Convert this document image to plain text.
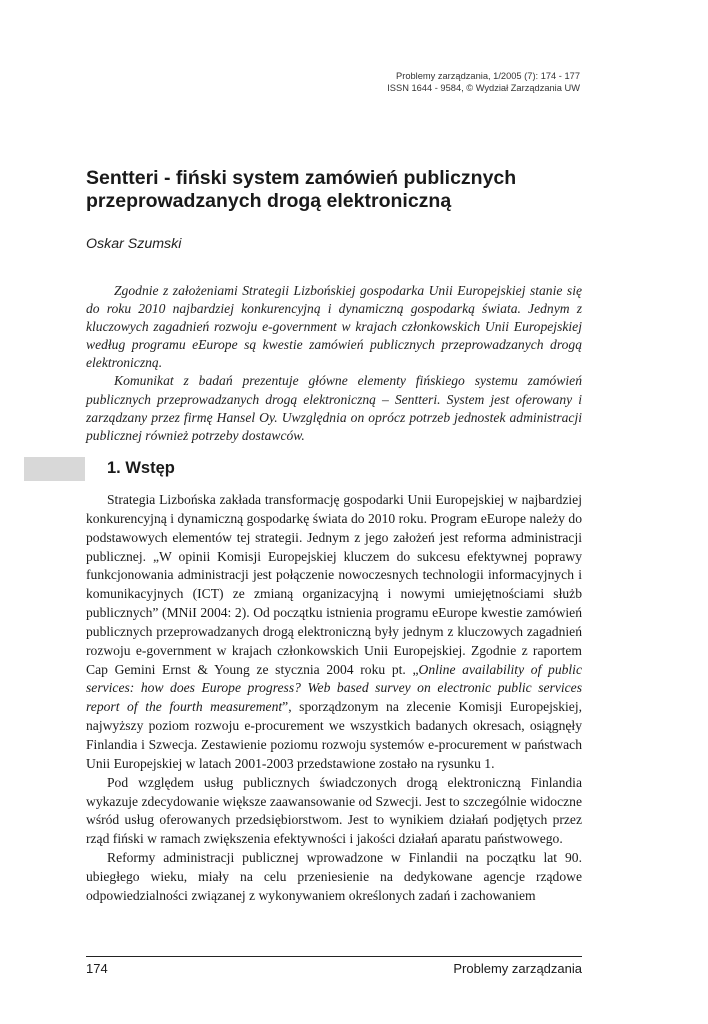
Problemy zarządzania, 1/2005 (7): 174 - 177
ISSN 1644 - 9584, © Wydział Zarządzania UW
Sentteri - fiński system zamówień publicznych
przeprowadzanych drogą elektroniczną
Oskar Szumski

Zgodnie z założeniami Strategii Lizbońskiej gospodarka Unii Europejskiej stanie się do roku 2010 najbardziej konkurencyjną i dynamiczną gospodarką świata. Jednym z kluczowych zagadnień rozwoju e-government w krajach członkowskich Unii Europejskiej według programu eEurope są kwestie zamówień publicznych przeprowadzanych drogą elektroniczną.

Komunikat z badań prezentuje główne elementy fińskiego systemu zamówień publicznych przeprowadzanych drogą elektroniczną – Sentteri. System jest oferowany i zarządzany przez firmę Hansel Oy. Uwzględnia on oprócz potrzeb jednostek administracji publicznej również potrzeby dostawców.

1. Wstęp

Strategia Lizbońska zakłada transformację gospodarki Unii Europejskiej w najbardziej konkurencyjną i dynamiczną gospodarkę świata do 2010 roku. Program eEurope należy do podstawowych elementów tej strategii. Jednym z jego założeń jest reforma administracji publicznej. „W opinii Komisji Europejskiej kluczem do sukcesu efektywnej poprawy funkcjonowania administracji jest połączenie nowoczesnych technologii informacyjnych i komunikacyjnych (ICT) ze zmianą organizacyjną i nowymi umiejętnościami służb publicznych” (MNiI 2004: 2). Od początku istnienia programu eEurope kwestie zamówień publicznych przeprowadzanych drogą elektroniczną były jednym z kluczowych zagadnień rozwoju e-government w krajach członkowskich Unii Europejskiej. Zgodnie z raportem Cap Gemini Ernst & Young ze stycznia 2004 roku pt. „Online availability of public services: how does Europe progress? Web based survey on electronic public services report of the fourth measurement”, sporządzonym na zlecenie Komisji Europejskiej, najwyższy poziom rozwoju e-procurement we wszystkich badanych okresach, osiągnęły Finlandia i Szwecja. Zestawienie poziomu rozwoju systemów e-procurement w państwach Unii Europejskiej w latach 2001-2003 przedstawione zostało na rysunku 1.

Pod względem usług publicznych świadczonych drogą elektroniczną Finlandia wykazuje zdecydowanie większe zaawansowanie od Szwecji. Jest to szczególnie widoczne wśród usług oferowanych przedsiębiorstwom. Jest to wynikiem działań podjętych przez rząd fiński w ramach zwiększenia efektywności i jakości działań aparatu państwowego.

Reformy administracji publicznej wprowadzone w Finlandii na początku lat 90. ubiegłego wieku, miały na celu przeniesienie na dedykowane agencje rządowe odpowiedzialności związanej z wykonywaniem określonych zadań i zachowaniem

174	Problemy zarządzania
